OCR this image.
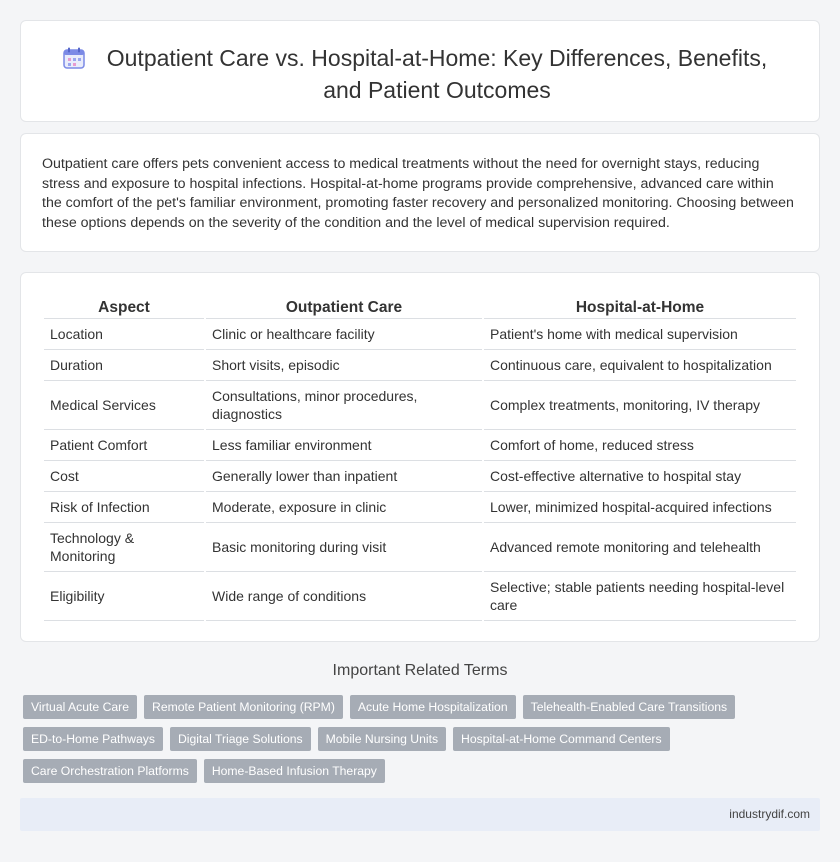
Outpatient Care vs. Hospital-at-Home: Key Differences, Benefits, and Patient Outcomes

Outpatient care offers pets convenient access to medical treatments without the need for overnight stays, reducing stress and exposure to hospital infections. Hospital-at-home programs provide comprehensive, advanced care within the comfort of the pet's familiar environment, promoting faster recovery and personalized monitoring. Choosing between these options depends on the severity of the condition and the level of medical supervision required.

Aspect	Outpatient Care	Hospital-at-Home
Location	Clinic or healthcare facility	Patient's home with medical supervision
Duration	Short visits, episodic	Continuous care, equivalent to hospitalization
Medical Services	Consultations, minor procedures, diagnostics	Complex treatments, monitoring, IV therapy
Patient Comfort	Less familiar environment	Comfort of home, reduced stress
Cost	Generally lower than inpatient	Cost-effective alternative to hospital stay
Risk of Infection	Moderate, exposure in clinic	Lower, minimized hospital-acquired infections
Technology & Monitoring	Basic monitoring during visit	Advanced remote monitoring and telehealth
Eligibility	Wide range of conditions	Selective; stable patients needing hospital-level care
Important Related Terms
Virtual Acute Care	Remote Patient Monitoring (RPM)	Acute Home Hospitalization	Telehealth-Enabled Care Transitions
ED-to-Home Pathways	Digital Triage Solutions	Mobile Nursing Units	Hospital-at-Home Command Centers
Care Orchestration Platforms	Home-Based Infusion Therapy
industrydif.com
